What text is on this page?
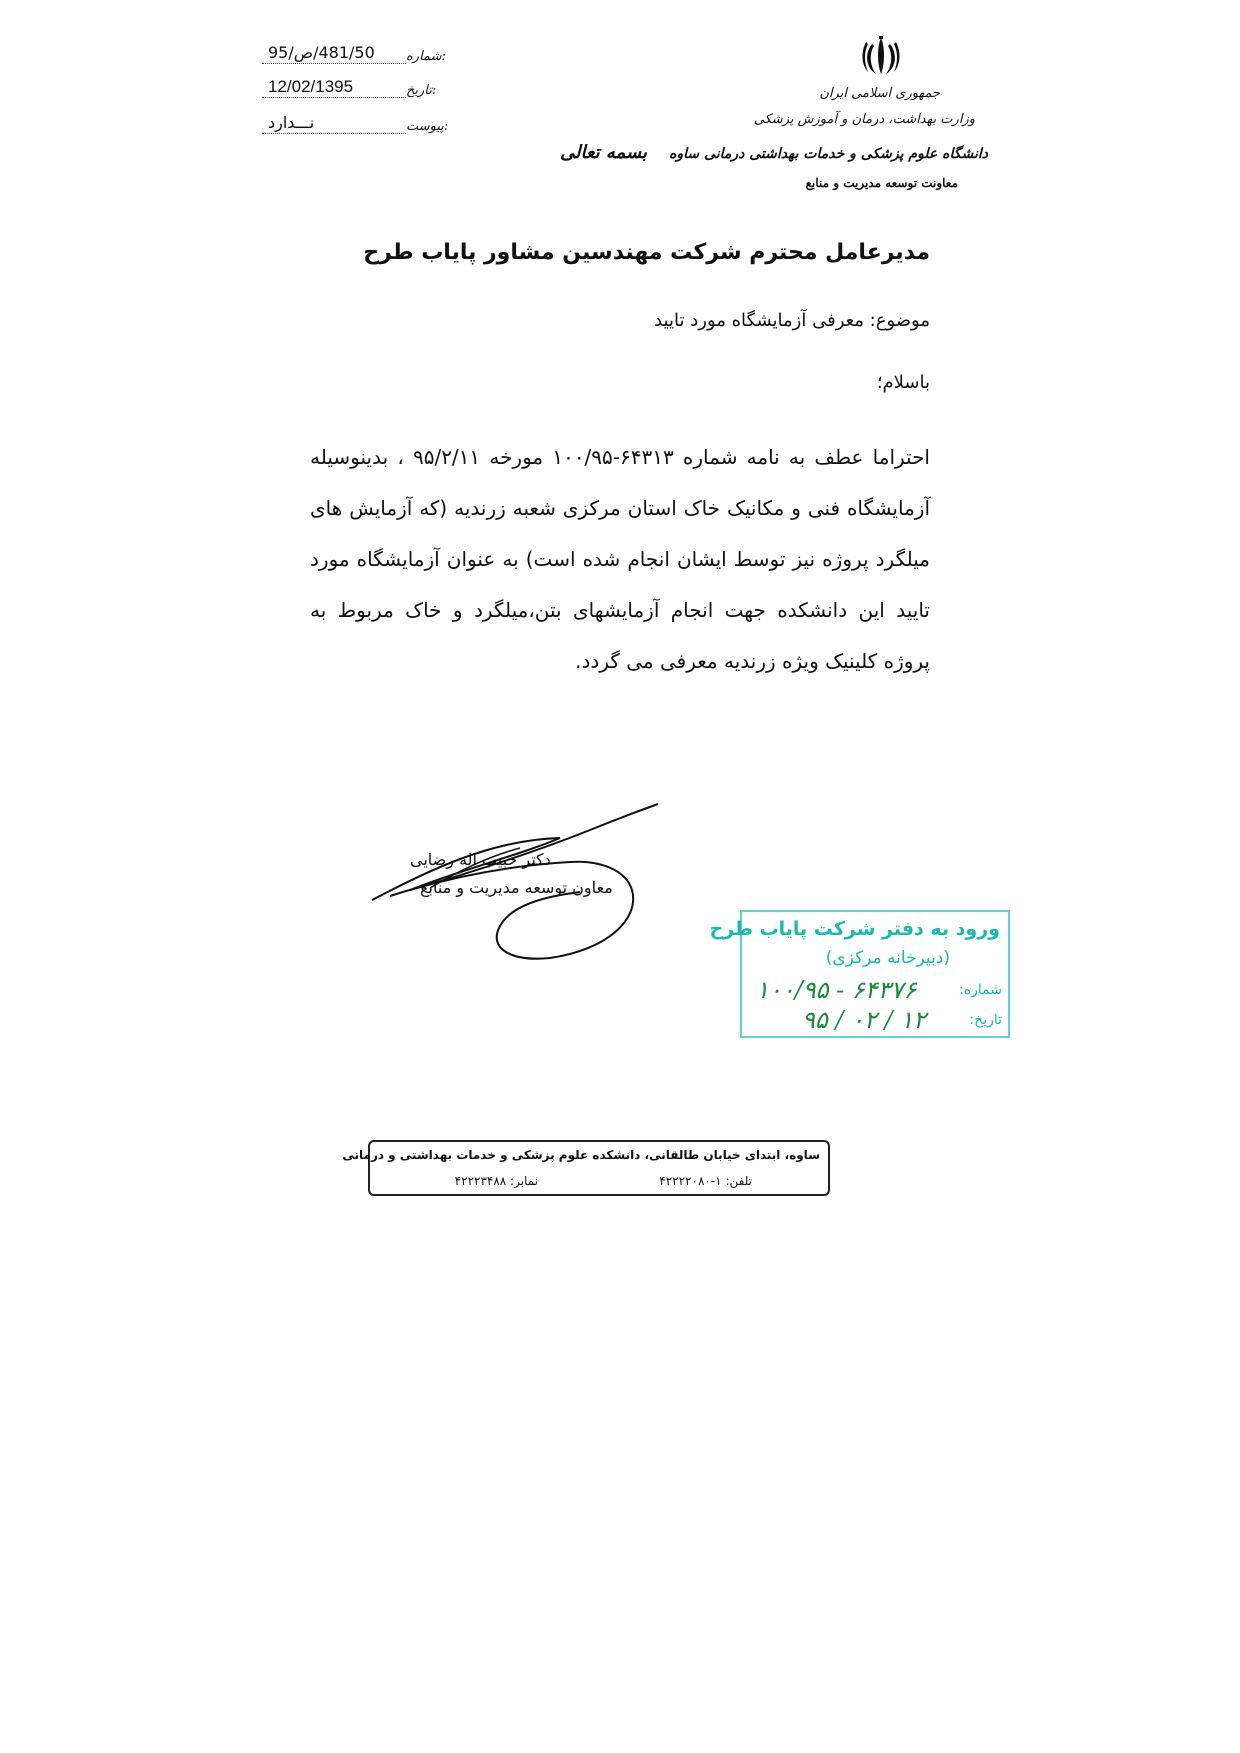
شماره:
481/50/ص/95
تاریخ:
12/02/1395
پیوست:
نـــدارد
جمهوری اسلامی ایران
وزارت بهداشت، درمان و آموزش پزشکی
دانشگاه علوم پزشکی و خدمات بهداشتی درمانی ساوه
معاونت توسعه مدیریت و منابع
بسمه تعالی
مدیرعامل محترم شرکت مهندسین مشاور پایاب طرح
موضوع: معرفی آزمایشگاه مورد تایید
باسلام؛
احتراما عطف به نامه شماره ۶۴۳۱۳-۱۰۰/۹۵ مورخه ۹۵/۲/۱۱ ، بدینوسیله آزمایشگاه فنی و مکانیک خاک استان مرکزی شعبه زرندیه (که آزمایش های میلگرد پروژه نیز توسط ایشان انجام شده است) به عنوان آزمایشگاه مورد تایید این دانشکده جهت انجام آزمایشهای بتن،میلگرد و خاک مربوط به پروژه کلینیک ویژه زرندیه معرفی می گردد.
دکتر حبیب اله رضایی
معاون توسعه مدیریت و منابع
ورود به دفتر شرکت پایاب طرح
(دبیرخانه مرکزی)
شماره:
۱۰۰/۹۵ - ۶۴۳۷۶
تاریخ:
۹۵ / ۰۲ / ۱۲
ساوه، ابتدای خیابان طالقانی، دانشکده علوم پزشکی و خدمات بهداشتی و درمانی
تلفن: ۱-۴۲۲۲۲۰۸۰
نمابر: ۴۲۲۲۳۴۸۸
